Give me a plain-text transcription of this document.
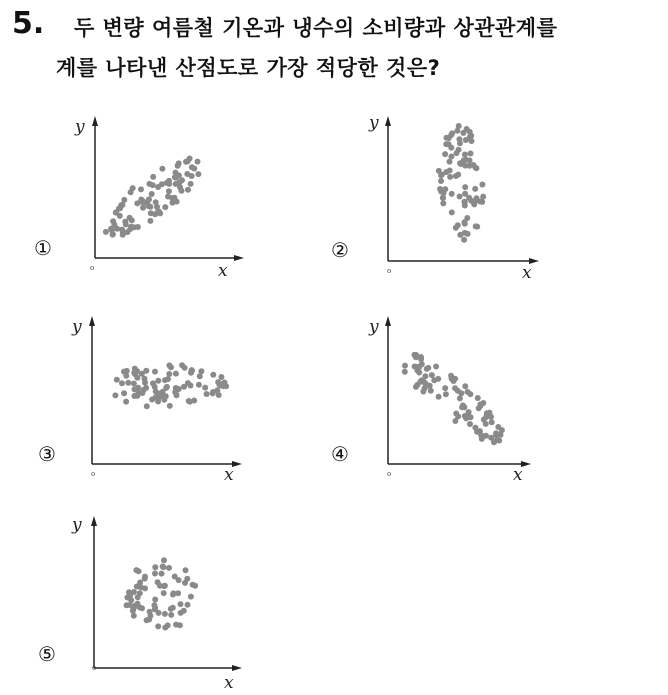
5. 두 변량 여름철 기온과 냉수의 소비량과 상관관계를
계를 나타낸 산점도로 가장 적당한 것은?
①
y
x
o
②
y
x
o
③
y
x
o
④
y
x
o
⑤
y
x
o
